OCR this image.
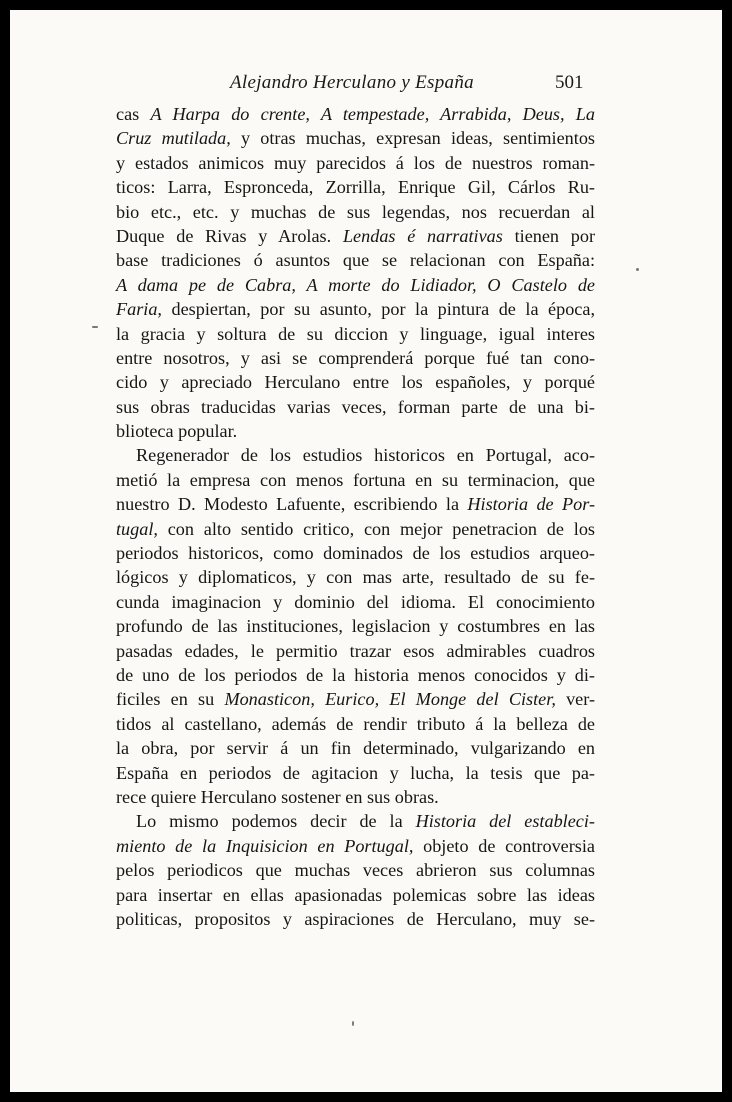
Alejandro Herculano y España	501
cas A Harpa do crente, A tempestade, Arrabida, Deus, La
Cruz mutilada, y otras muchas, expresan ideas, sentimientos
y estados animicos muy parecidos á los de nuestros roman-
ticos: Larra, Espronceda, Zorrilla, Enrique Gil, Cárlos Ru-
bio etc., etc. y muchas de sus legendas, nos recuerdan al
Duque de Rivas y Arolas. Lendas é narrativas tienen por
base tradiciones ó asuntos que se relacionan con España:
A dama pe de Cabra, A morte do Lidiador, O Castelo de
Faria, despiertan, por su asunto, por la pintura de la época,
la gracia y soltura de su diccion y linguage, igual interes
entre nosotros, y asi se comprenderá porque fué tan cono-
cido y apreciado Herculano entre los españoles, y porqué
sus obras traducidas varias veces, forman parte de una bi-
blioteca popular.
Regenerador de los estudios historicos en Portugal, aco-
metió la empresa con menos fortuna en su terminacion, que
nuestro D. Modesto Lafuente, escribiendo la Historia de Por-
tugal, con alto sentido critico, con mejor penetracion de los
periodos historicos, como dominados de los estudios arqueo-
lógicos y diplomaticos, y con mas arte, resultado de su fe-
cunda imaginacion y dominio del idioma. El conocimiento
profundo de las instituciones, legislacion y costumbres en las
pasadas edades, le permitio trazar esos admirables cuadros
de uno de los periodos de la historia menos conocidos y di-
ficiles en su Monasticon, Eurico, El Monge del Cister, ver-
tidos al castellano, además de rendir tributo á la belleza de
la obra, por servir á un fin determinado, vulgarizando en
España en periodos de agitacion y lucha, la tesis que pa-
rece quiere Herculano sostener en sus obras.
Lo mismo podemos decir de la Historia del estableci-
miento de la Inquisicion en Portugal, objeto de controversia
pelos periodicos que muchas veces abrieron sus columnas
para insertar en ellas apasionadas polemicas sobre las ideas
politicas, propositos y aspiraciones de Herculano, muy se-
